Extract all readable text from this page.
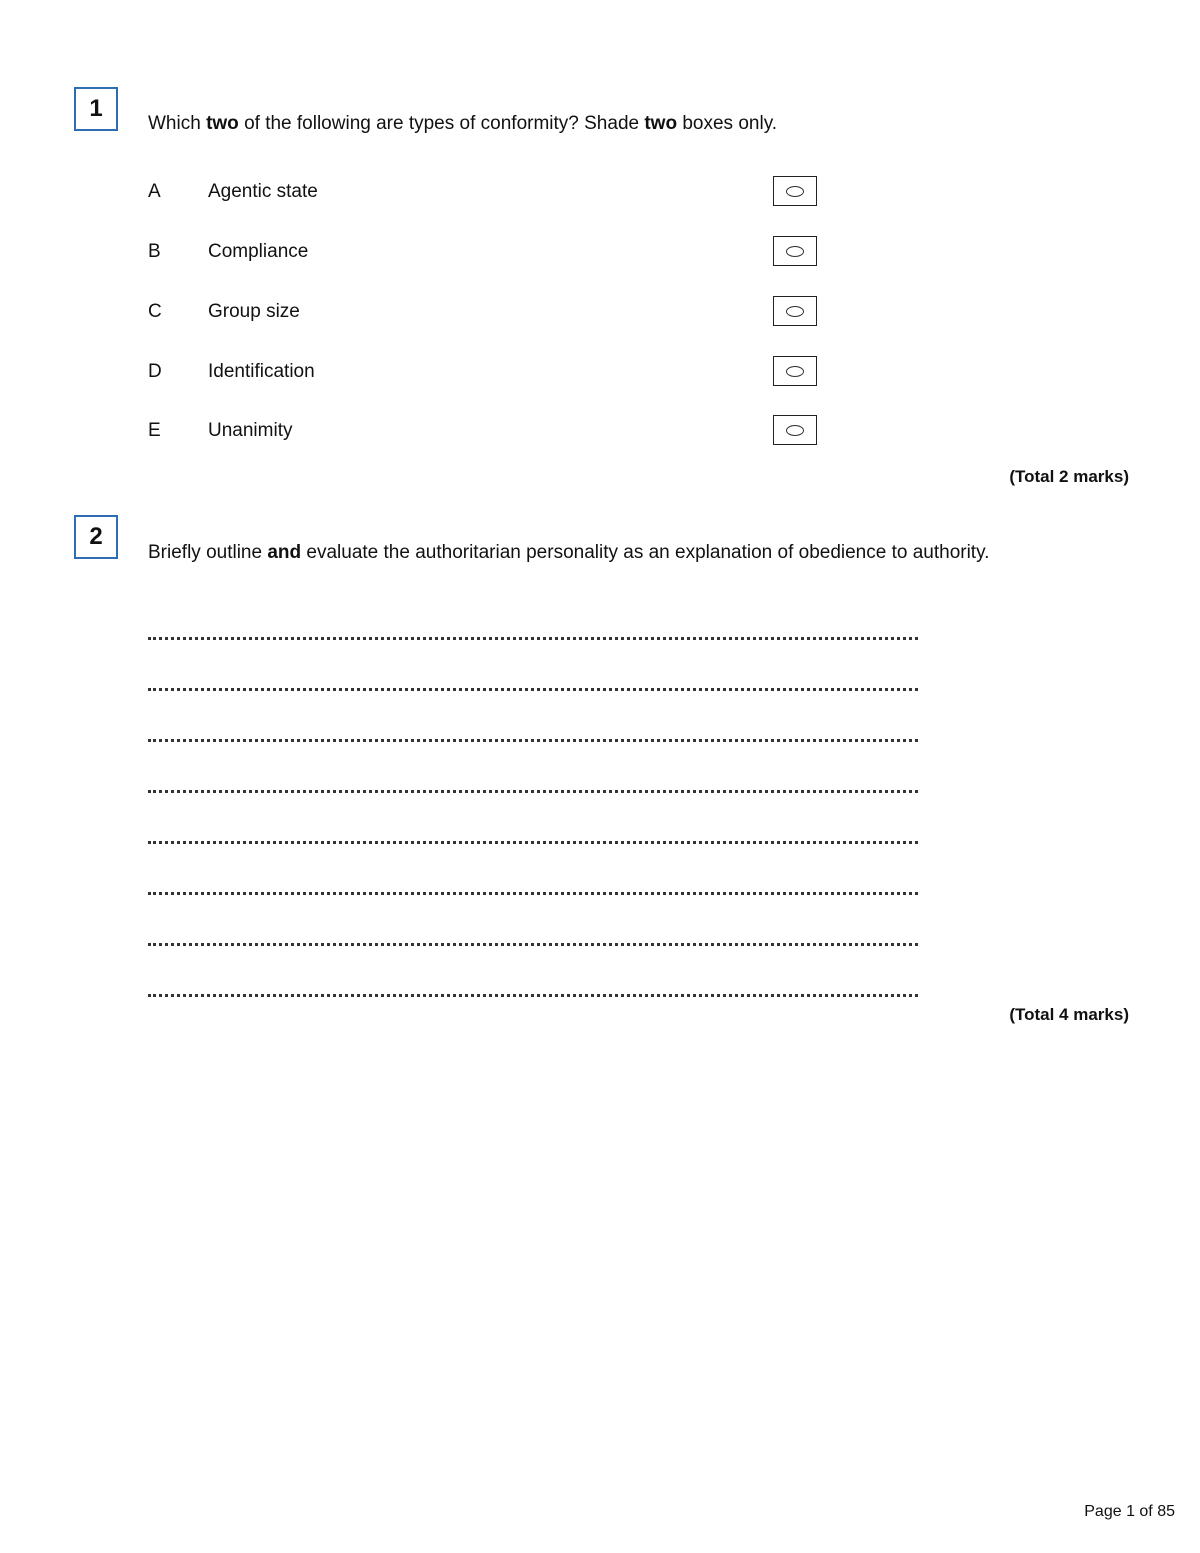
1
Which two of the following are types of conformity? Shade two boxes only.
A Agentic state
B Compliance
C Group size
D Identification
E Unanimity
(Total 2 marks)
2
Briefly outline and evaluate the authoritarian personality as an explanation of obedience to authority.
(Total 4 marks)
Page 1 of 85
